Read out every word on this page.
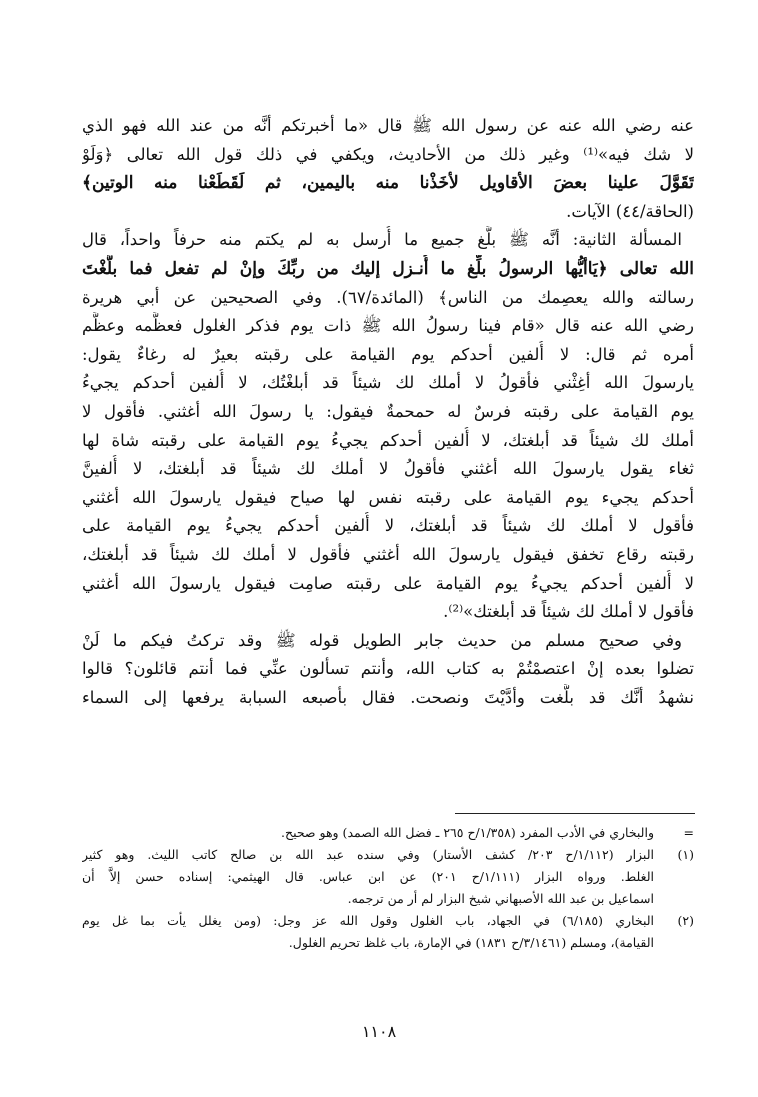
عنه رضي الله عنه عن رسول الله ﷺ قال «ما أخبرتكم أنَّه من عند الله فهو الذي
لا شك فيه»⁽¹⁾ وغير ذلك من الأحاديث، ويكفي في ذلك قول الله تعالى ﴿وَلَوْ
تَقَوَّلَ علينا بعضَ الأقاويل لأخَذْنا منه باليمين، ثم لَقَطَعْنا منه الوتين﴾
(الحاقة/٤٤) الآيات.
المسألة الثانية: أنَّه ﷺ بلَّغ جميع ما أُرسل به لم يكتم منه حرفاً واحداً، قال
الله تعالى ﴿يَاأيُّها الرسولُ بلِّغ ما أُنـزل إليك من ربِّكَ وإنْ لم تفعل فما بلَّغْتَ
رسالته والله يعصِمك من الناس﴾ (المائدة/٦٧). وفي الصحيحين عن أبي هريرة
رضي الله عنه قال «قام فينا رسولُ الله ﷺ ذات يوم فذكر الغلول فعظَّمه وعظَّم
أمره ثم قال: لا أُلفين أحدكم يوم القيامة على رقبته بعيرٌ له رغاءٌ يقول:
يارسولَ الله أغِثْني فأقولُ لا أملك لك شيئاً قد أبلغْتُك، لا أُلفين أحدكم يجيءُ
يوم القيامة على رقبته فرسٌ له حمحمةٌ فيقول: يا رسولَ الله أغثني. فأقول لا
أملك لك شيئاً قد أبلغتك، لا أُلفين أحدكم يجيءُ يوم القيامة على رقبته شاة لها
ثغاء يقول يارسولَ الله أغثني فأقولُ لا أملك لك شيئاً قد أبلغتك، لا أُلفينَّ
أحدكم يجيء يوم القيامة على رقبته نفس لها صياح فيقول يارسولَ الله أغثني
فأقول لا أملك لك شيئاً قد أبلغتك، لا أُلفين أحدكم يجيءُ يوم القيامة على
رقبته رقاع تخفق فيقول يارسولَ الله أغثني فأقول لا أملك لك شيئاً قد أبلغتك،
لا أُلفين أحدكم يجيءُ يوم القيامة على رقبته صامِت فيقول يارسولَ الله أغثني
فأقول لا أملك لك شيئاً قد أبلغتك»⁽²⁾.
وفي صحيح مسلم من حديث جابر الطويل قوله ﷺ وقد تركتُ فيكم ما لَنْ
تضلوا بعده إنْ اعتصمْتُمْ به كتاب الله، وأنتم تسألون عنِّي فما أنتم قائلون؟ قالوا
نشهدُ أنَّك قد بلَّغت وأدَّيْتَ ونصحت. فقال بأصبعه السبابة يرفعها إلى السماء
=
والبخاري في الأدب المفرد (١/٣٥٨/ح ٢٦٥ ـ فضل الله الصمد) وهو صحيح.
(١)
البزار (١/١١٢/ح ٢٠٣/ كشف الأستار) وفي سنده عبد الله بن صالح كاتب الليث. وهو كثير
الغلط. ورواه البزار (١/١١١/ح ٢٠١) عن ابن عباس. قال الهيثمي: إسناده حسن إلاَّ أن
اسماعيل بن عبد الله الأصبهاني شيخ البزار لم أر من ترجمه.
(٢)
البخاري (٦/١٨٥) في الجهاد، باب الغلول وقول الله عز وجل: (ومن يغلل يأت بما غل يوم
القيامة)، ومسلم (٣/١٤٦١/ح ١٨٣١) في الإمارة، باب غلظ تحريم الغلول.
١١٠٨
